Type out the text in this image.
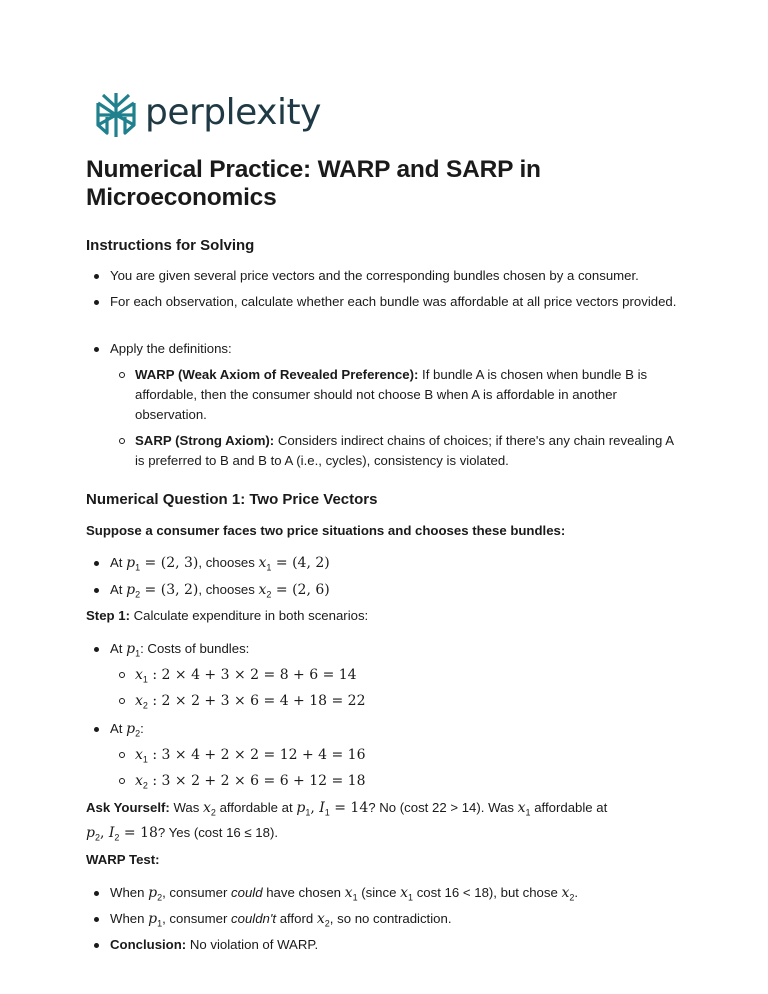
perplexity
Numerical Practice: WARP and SARP in Microeconomics
Instructions for Solving
You are given several price vectors and the corresponding bundles chosen by a consumer.
For each observation, calculate whether each bundle was affordable at all price vectors provided.
Apply the definitions:
WARP (Weak Axiom of Revealed Preference): If bundle A is chosen when bundle B is affordable, then the consumer should not choose B when A is affordable in another observation.
SARP (Strong Axiom): Considers indirect chains of choices; if there's any chain revealing A is preferred to B and B to A (i.e., cycles), consistency is violated.
Numerical Question 1: Two Price Vectors

Suppose a consumer faces two price situations and chooses these bundles:

At $p_1 = (2$, 3), chooses $x_1 = (4$, 2)
At $p_2 = (3$, 2), chooses $x_2 = (2$, 6)

Step 1: Calculate expenditure in both scenarios:

At $p_1$: Costs of bundles:
$x_1$ : 2 × 4 + 3 × 2 = 8 + 6 = 14
$x_2$ : 2 × 2 + 3 × 6 = 4 + 18 = 22
At $p_2$:
$x_1$ : 3 × 4 + 2 × 2 = 12 + 4 = 16
$x_2$ : 3 × 2 + 2 × 6 = 6 + 12 = 18

Ask Yourself: Was $x_2$ affordable at $p_1$, $I_1 = 14$? No (cost 22 > 14). Was $x_1$ affordable at
$p_2$, $I_2 = 18$? Yes (cost 16 ≤ 18).

WARP Test:

When $p_2$, consumer could have chosen $x_1$ (since $x_1$ cost 16 < 18), but chose $x_2$.
When $p_1$, consumer couldn't afford $x_2$, so no contradiction.
Conclusion: No violation of WARP.
